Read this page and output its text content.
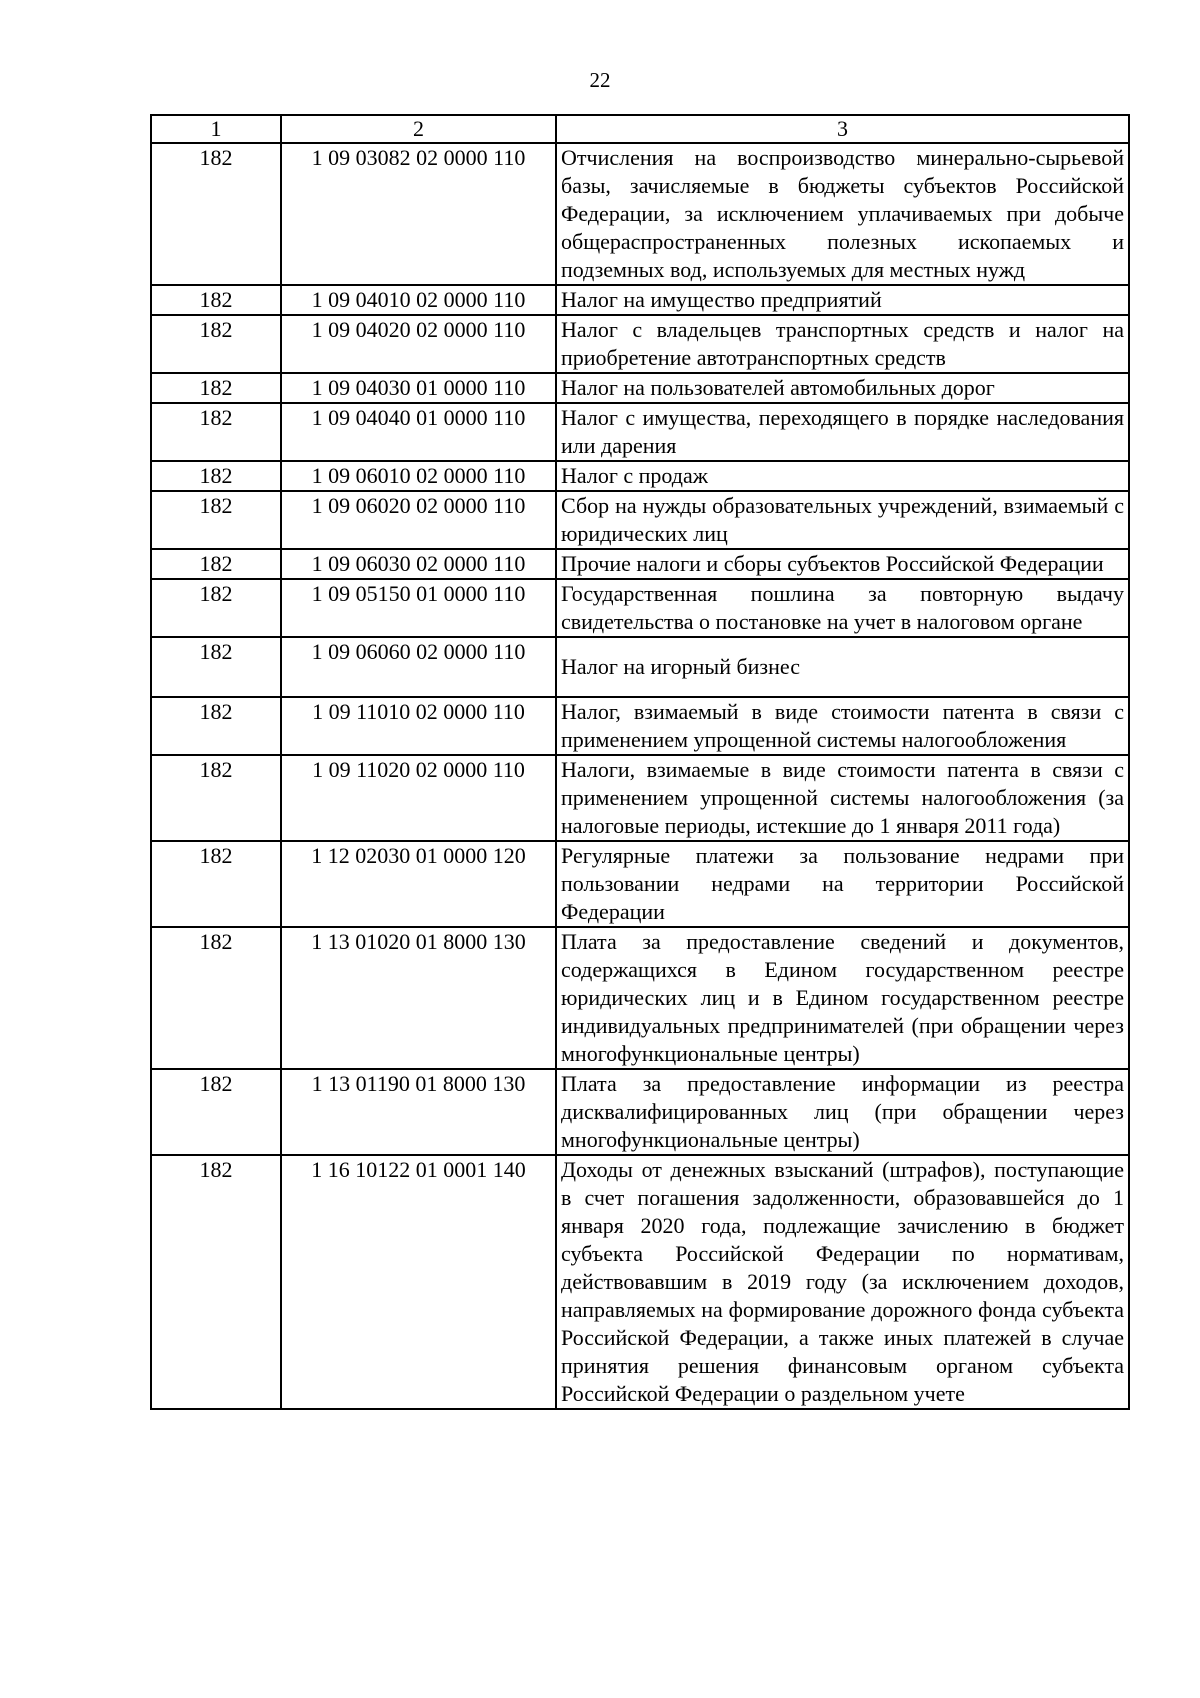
22
1	2	3
182	1 09 03082 02 0000 110	Отчисления на воспроизводство минерально-сырьевой базы, зачисляемые в бюджеты субъектов Российской Федерации, за исключением уплачиваемых при добыче общераспространенных полезных ископаемых и подземных вод, используемых для местных нужд
182	1 09 04010 02 0000 110	Налог на имущество предприятий
182	1 09 04020 02 0000 110	Налог с владельцев транспортных средств и налог на приобретение автотранспортных средств
182	1 09 04030 01 0000 110	Налог на пользователей автомобильных дорог
182	1 09 04040 01 0000 110	Налог с имущества, переходящего в порядке наследования или дарения
182	1 09 06010 02 0000 110	Налог с продаж
182	1 09 06020 02 0000 110	Сбор на нужды образовательных учреждений, взимаемый с юридических лиц
182	1 09 06030 02 0000 110	Прочие налоги и сборы субъектов Российской Федерации
182	1 09 05150 01 0000 110	Государственная пошлина за повторную выдачу свидетельства о постановке на учет в налоговом органе
182	1 09 06060 02 0000 110	Налог на игорный бизнес
182	1 09 11010 02 0000 110	Налог, взимаемый в виде стоимости патента в связи с применением упрощенной системы налогообложения
182	1 09 11020 02 0000 110	Налоги, взимаемые в виде стоимости патента в связи с применением упрощенной системы налогообложения (за налоговые периоды, истекшие до 1 января 2011 года)
182	1 12 02030 01 0000 120	Регулярные платежи за пользование недрами при пользовании недрами на территории Российской Федерации
182	1 13 01020 01 8000 130	Плата за предоставление сведений и документов, содержащихся в Едином государственном реестре юридических лиц и в Едином государственном реестре индивидуальных предпринимателей (при обращении через многофункциональные центры)
182	1 13 01190 01 8000 130	Плата за предоставление информации из реестра дисквалифицированных лиц (при обращении через многофункциональные центры)
182	1 16 10122 01 0001 140	Доходы от денежных взысканий (штрафов), поступающие в счет погашения задолженности, образовавшейся до 1 января 2020 года, подлежащие зачислению в бюджет субъекта Российской Федерации по нормативам, действовавшим в 2019 году (за исключением доходов, направляемых на формирование дорожного фонда субъекта Российской Федерации, а также иных платежей в случае принятия решения финансовым органом субъекта Российской Федерации о раздельном учете
